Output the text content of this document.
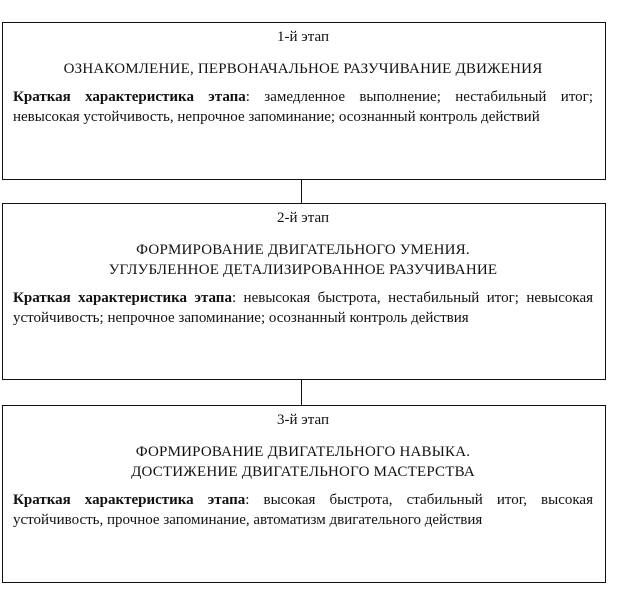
1-й этап
ОЗНАКОМЛЕНИЕ, ПЕРВОНАЧАЛЬНОЕ РАЗУЧИВАНИЕ ДВИЖЕНИЯ
Краткая характеристика этапа: замедленное выполнение; нестабильный итог; невысокая устойчивость, непрочное запоминание; осознанный контроль действий
2-й этап
ФОРМИРОВАНИЕ ДВИГАТЕЛЬНОГО УМЕНИЯ.
УГЛУБЛЕННОЕ ДЕТАЛИЗИРОВАННОЕ РАЗУЧИВАНИЕ
Краткая характеристика этапа: невысокая быстрота, нестабильный итог; невысокая устойчивость; непрочное запоминание; осознанный контроль действия
3-й этап
ФОРМИРОВАНИЕ ДВИГАТЕЛЬНОГО НАВЫКА.
ДОСТИЖЕНИЕ ДВИГАТЕЛЬНОГО МАСТЕРСТВА
Краткая характеристика этапа: высокая быстрота, стабильный итог, высокая устойчивость, прочное запоминание, автоматизм двигательного действия
